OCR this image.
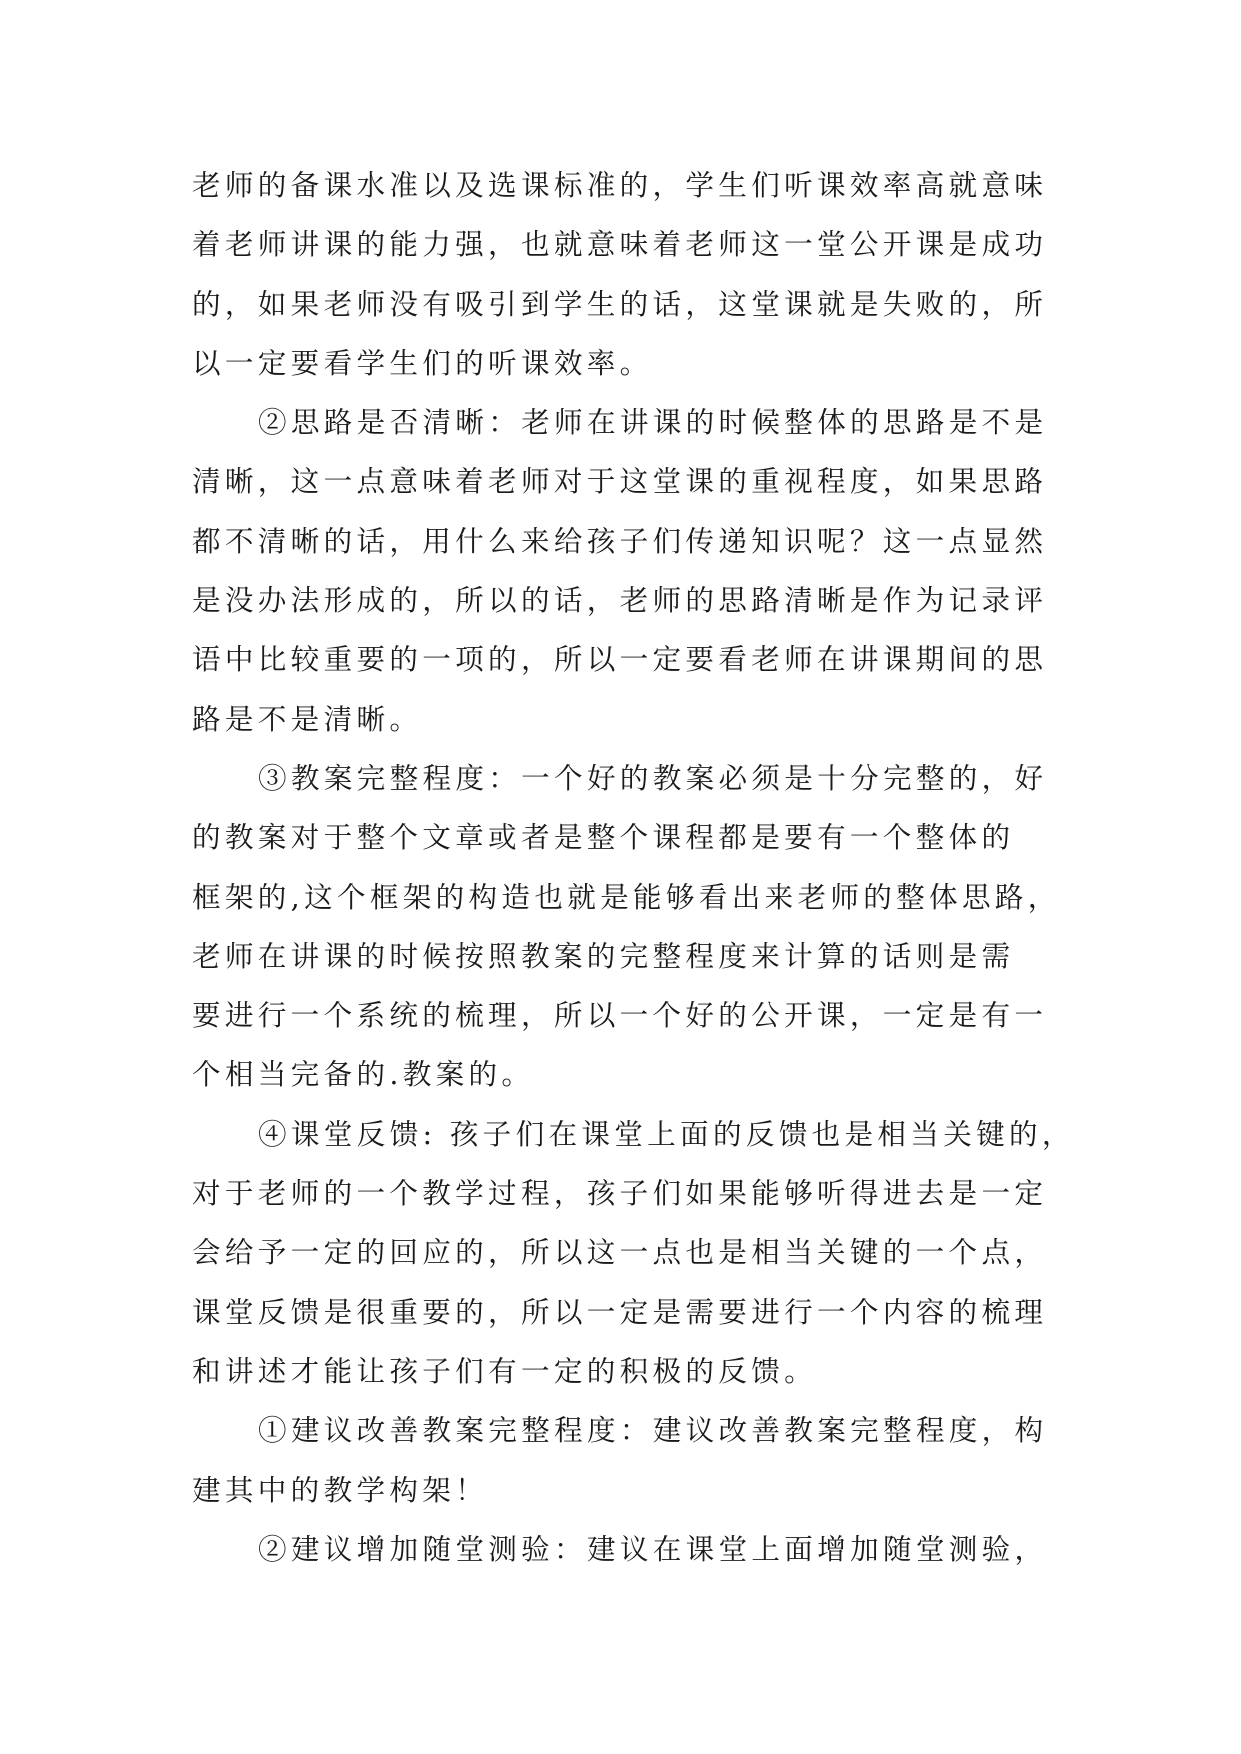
老师的备课水准以及选课标准的，学生们听课效率高就意味
着老师讲课的能力强，也就意味着老师这一堂公开课是成功
的，如果老师没有吸引到学生的话，这堂课就是失败的，所
以一定要看学生们的听课效率。

②思路是否清晰：老师在讲课的时候整体的思路是不是
清晰，这一点意味着老师对于这堂课的重视程度，如果思路
都不清晰的话，用什么来给孩子们传递知识呢？这一点显然
是没办法形成的，所以的话，老师的思路清晰是作为记录评
语中比较重要的一项的，所以一定要看老师在讲课期间的思
路是不是清晰。

③教案完整程度：一个好的教案必须是十分完整的，好
的教案对于整个文章或者是整个课程都是要有一个整体的
框架的,这个框架的构造也就是能够看出来老师的整体思路，
老师在讲课的时候按照教案的完整程度来计算的话则是需
要进行一个系统的梳理，所以一个好的公开课，一定是有一
个相当完备的.教案的。

④课堂反馈: 孩子们在课堂上面的反馈也是相当关键的，
对于老师的一个教学过程，孩子们如果能够听得进去是一定
会给予一定的回应的，所以这一点也是相当关键的一个点，
课堂反馈是很重要的，所以一定是需要进行一个内容的梳理
和讲述才能让孩子们有一定的积极的反馈。

①建议改善教案完整程度：建议改善教案完整程度，构
建其中的教学构架！

②建议增加随堂测验：建议在课堂上面增加随堂测验，
